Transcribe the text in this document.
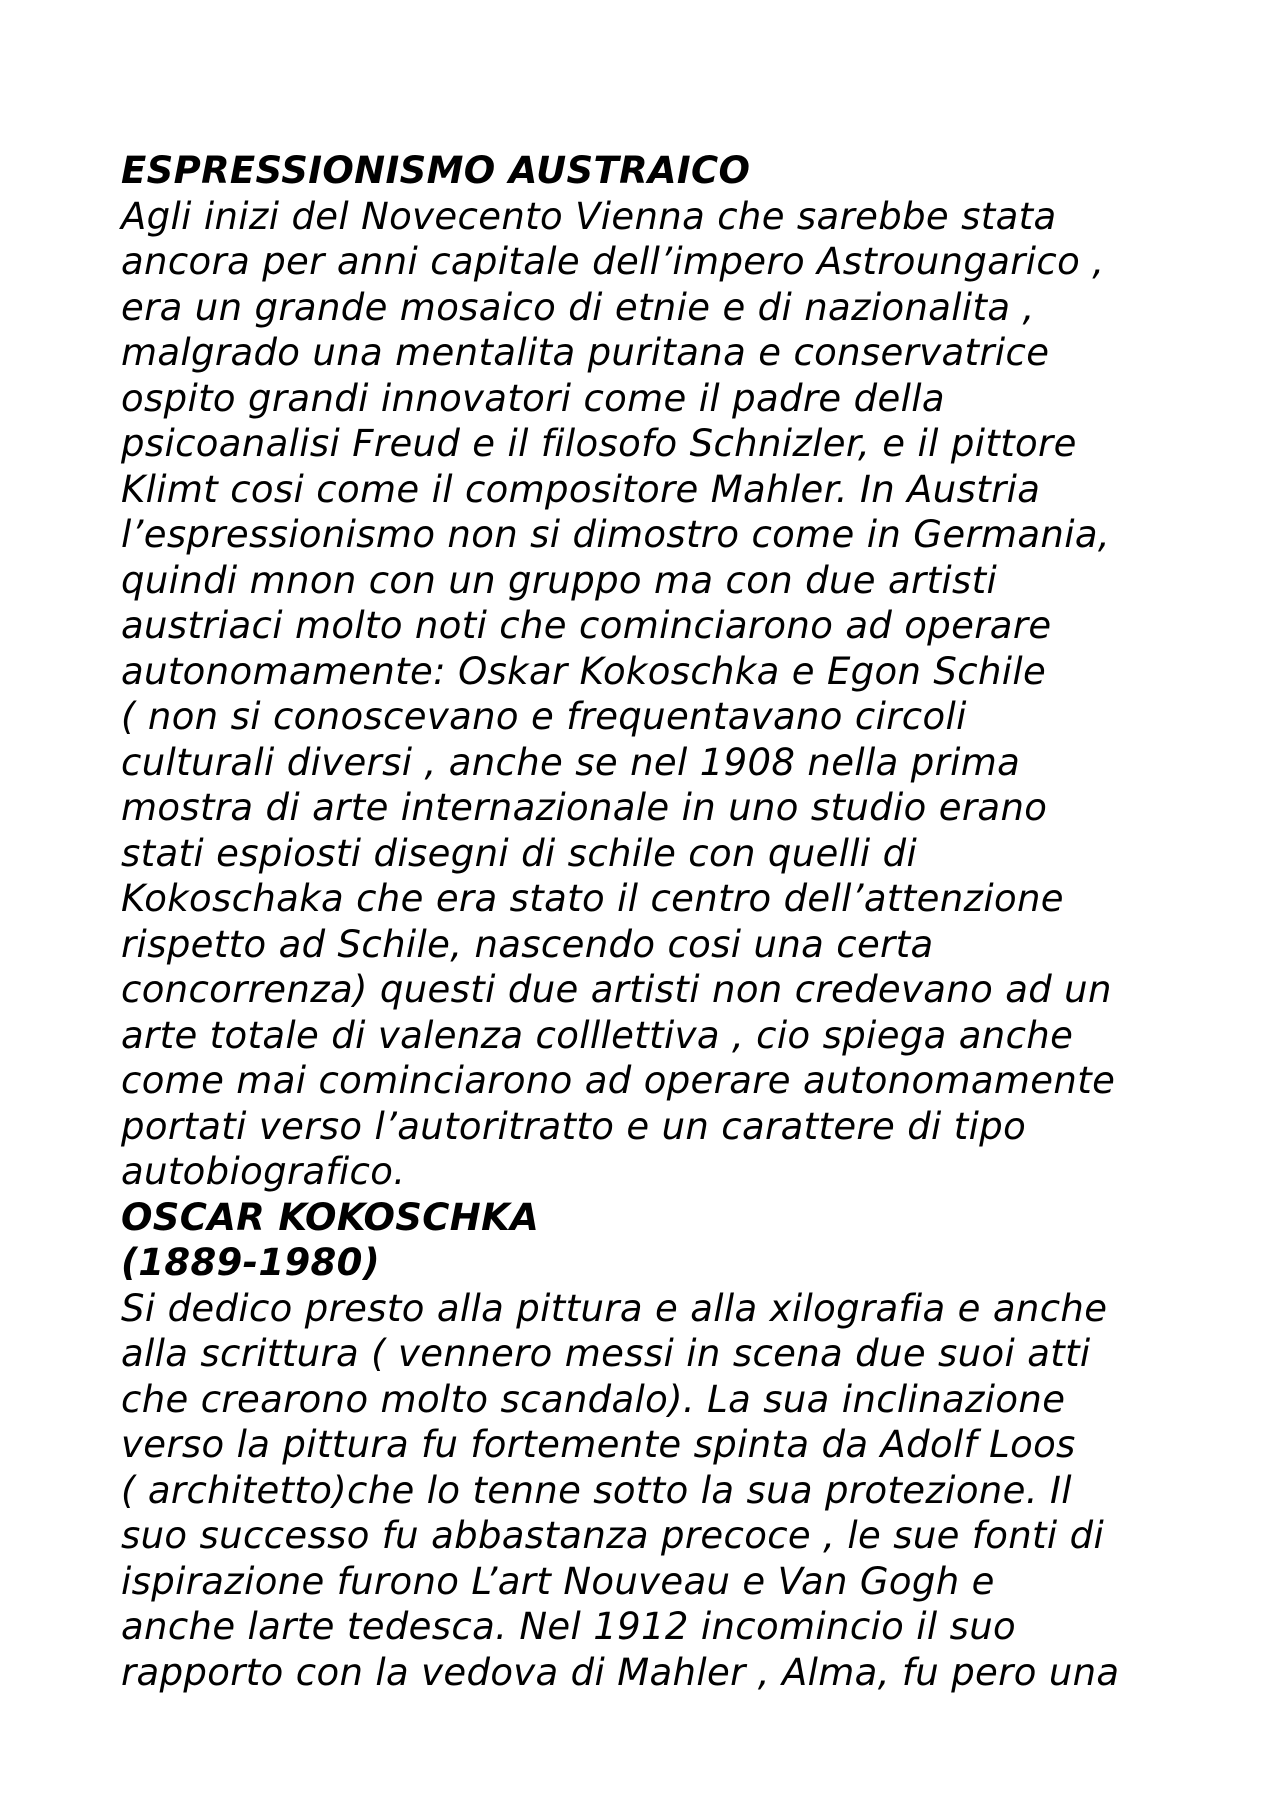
ESPRESSIONISMO AUSTRAICO
Agli inizi del Novecento Vienna che sarebbe stata
ancora per anni capitale dell’impero Astroungarico ,
era un grande mosaico di etnie e di nazionalita ,
malgrado una mentalita puritana e conservatrice
ospito grandi innovatori come il padre della
psicoanalisi Freud e il filosofo Schnizler, e il pittore
Klimt cosi come il compositore Mahler. In Austria
l’espressionismo non si dimostro come in Germania,
quindi mnon con un gruppo ma con due artisti
austriaci molto noti che cominciarono ad operare
autonomamente: Oskar Kokoschka e Egon Schile
( non si conoscevano e frequentavano circoli
culturali diversi , anche se nel 1908 nella prima
mostra di arte internazionale in uno studio erano
stati espiosti disegni di schile con quelli di
Kokoschaka che era stato il centro dell’attenzione
rispetto ad Schile, nascendo cosi una certa
concorrenza) questi due artisti non credevano ad un
arte totale di valenza colllettiva , cio spiega anche
come mai cominciarono ad operare autonomamente
portati verso l’autoritratto e un carattere di tipo
autobiografico.
OSCAR KOKOSCHKA
(1889-1980)
Si dedico presto alla pittura e alla xilografia e anche
alla scrittura ( vennero messi in scena due suoi atti
che crearono molto scandalo). La sua inclinazione
verso la pittura fu fortemente spinta da Adolf Loos
( architetto)che lo tenne sotto la sua protezione. Il
suo successo fu abbastanza precoce , le sue fonti di
ispirazione furono L’art Nouveau e Van Gogh e
anche larte tedesca. Nel 1912 incomincio il suo
rapporto con la vedova di Mahler , Alma, fu pero una
